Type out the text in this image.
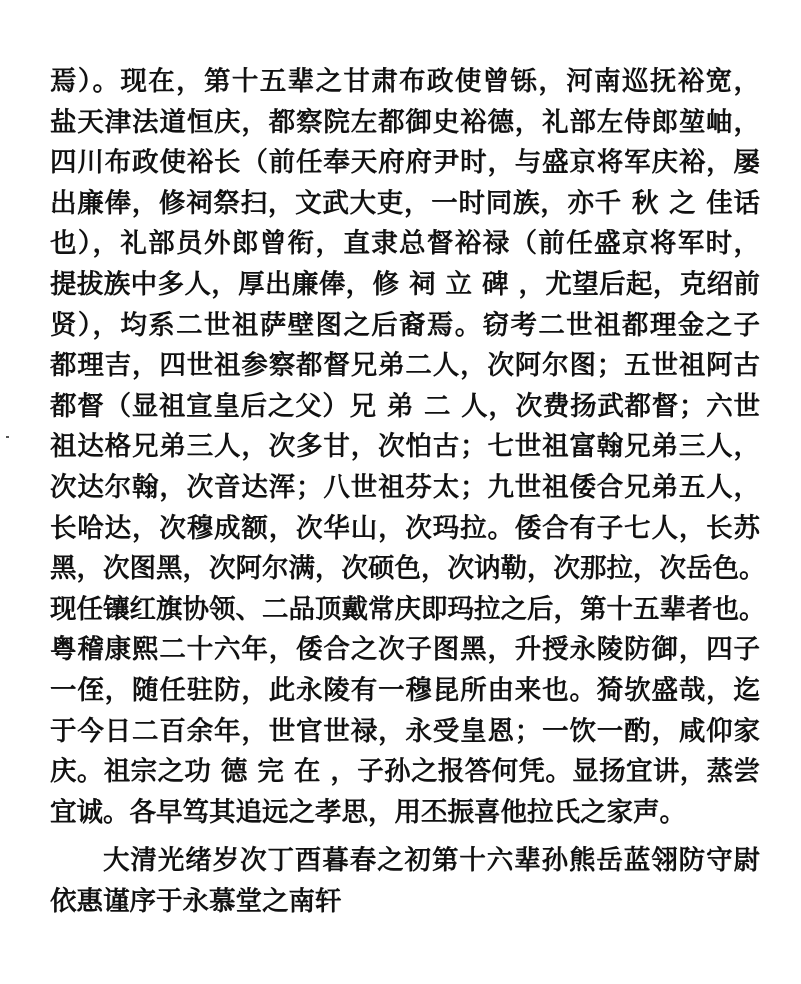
焉）。现在，第十五辈之甘肃布政使曾铄，河南巡抚裕宽，
盐天津法道恒庆，都察院左都御史裕德，礼部左侍郎堃岫，
四川布政使裕长（前任奉天府府尹时，与盛京将军庆裕，屡
出廉俸，修祠祭扫，文武大吏，一时同族，亦千 秋 之 佳话
也），礼部员外郎曾衔，直隶总督裕禄（前任盛京将军时，
提拔族中多人，厚出廉俸，修 祠 立 碑 ，尤望后起，克绍前
贤），均系二世祖萨壁图之后裔焉。窃考二世祖都理金之子
都理吉，四世祖参察都督兄弟二人，次阿尔图；五世祖阿古
都督（显祖宣皇后之父）兄 弟 二 人，次费扬武都督；六世
祖达格兄弟三人，次多甘，次怕古；七世祖富翰兄弟三人，
次达尔翰，次音达浑；八世祖芬太；九世祖倭合兄弟五人，
长哈达，次穆成额，次华山，次玛拉。倭合有子七人，长苏
黑，次图黑，次阿尔满，次硕色，次讷勒，次那拉，次岳色。
现任镶红旗协领、二品顶戴常庆即玛拉之后，第十五辈者也。
粤稽康熙二十六年，倭合之次子图黑，升授永陵防御，四子
一侄，随任驻防，此永陵有一穆昆所由来也。猗欤盛哉，迄
于今日二百余年，世官世禄，永受皇恩；一饮一酌，咸仰家
庆。祖宗之功 德 完 在 ，子孙之报答何凭。显扬宜讲，蒸尝
宜诚。各早笃其追远之孝思，用丕振喜他拉氏之家声。
大清光绪岁次丁酉暮春之初第十六辈孙熊岳蓝翎防守尉
依惠谨序于永慕堂之南轩
